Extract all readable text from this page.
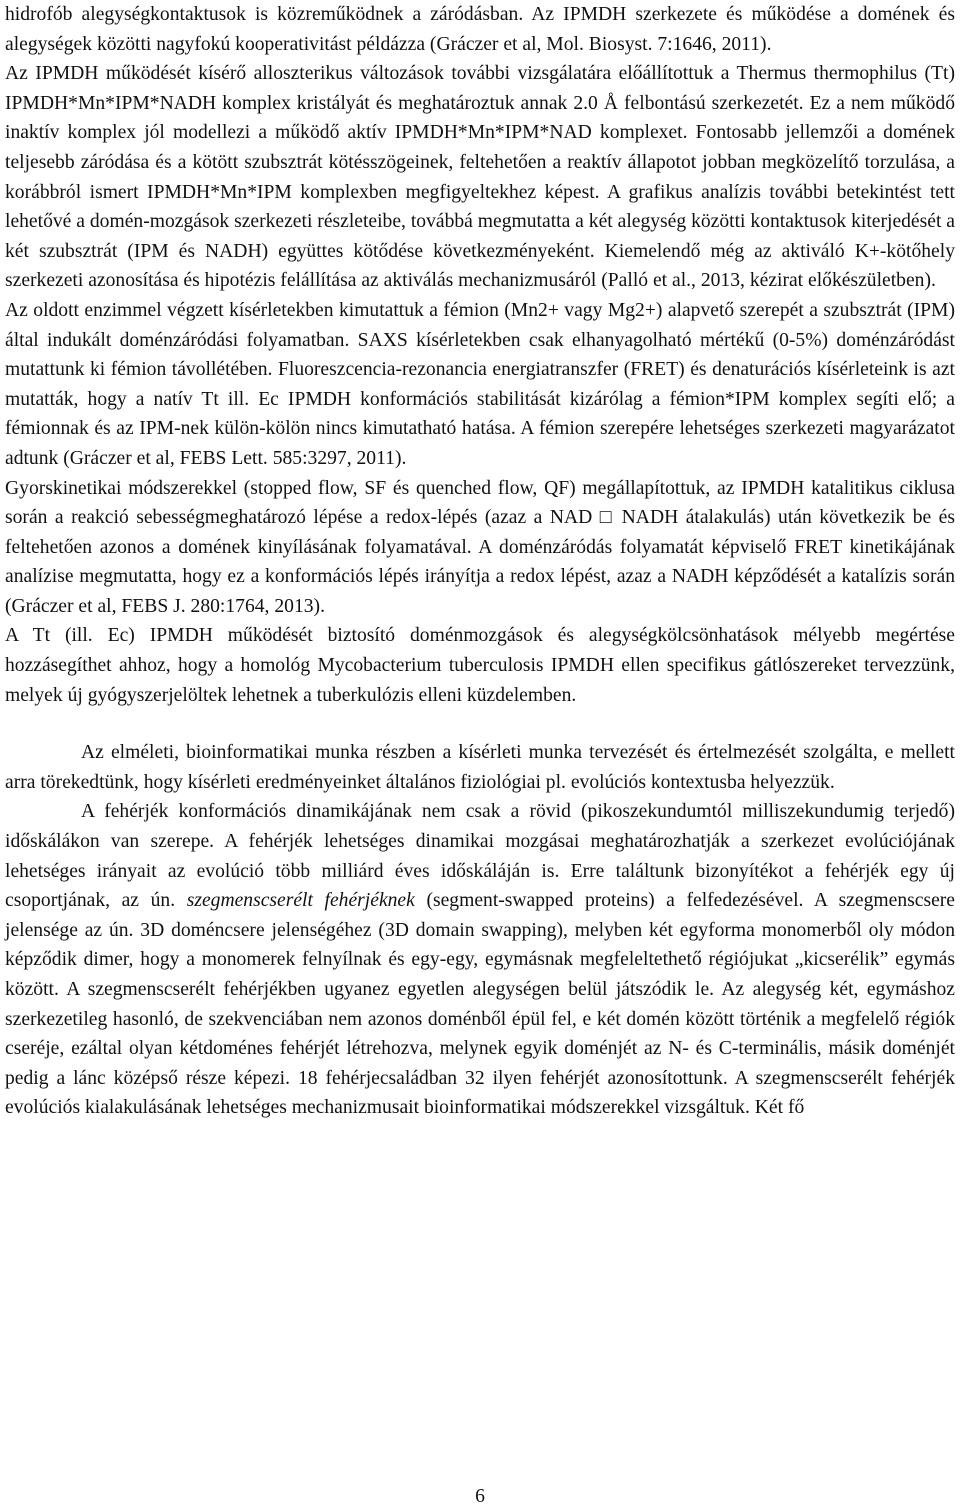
hidrofób alegységkontaktusok is közreműködnek a záródásban. Az IPMDH szerkezete és működése a domének és alegységek közötti nagyfokú kooperativitást példázza (Gráczer et al, Mol. Biosyst. 7:1646, 2011).

Az IPMDH működését kísérő alloszterikus változások további vizsgálatára előállítottuk a Thermus thermophilus (Tt) IPMDH*Mn*IPM*NADH komplex kristályát és meghatároztuk annak 2.0 Å felbontású szerkezetét. Ez a nem működő inaktív komplex jól modellezi a működő aktív IPMDH*Mn*IPM*NAD komplexet. Fontosabb jellemzői a domének teljesebb záródása és a kötött szubsztrát kötésszögeinek, feltehetően a reaktív állapotot jobban megközelítő torzulása, a korábbról ismert IPMDH*Mn*IPM komplexben megfigyeltekhez képest. A grafikus analízis további betekintést tett lehetővé a domén-mozgások szerkezeti részleteibe, továbbá megmutatta a két alegység közötti kontaktusok kiterjedését a két szubsztrát (IPM és NADH) együttes kötődése következményeként. Kiemelendő még az aktiváló K+-kötőhely szerkezeti azonosítása és hipotézis felállítása az aktiválás mechanizmusáról (Palló et al., 2013, kézirat előkészületben).

Az oldott enzimmel végzett kísérletekben kimutattuk a fémion (Mn2+ vagy Mg2+) alapvető szerepét a szubsztrát (IPM) által indukált doménzáródási folyamatban. SAXS kísérletekben csak elhanyagolható mértékű (0-5%) doménzáródást mutattunk ki fémion távollétében. Fluoreszcencia-rezonancia energiatranszfer (FRET) és denaturációs kísérleteink is azt mutatták, hogy a natív Tt ill. Ec IPMDH konformációs stabilitását kizárólag a fémion*IPM komplex segíti elő; a fémionnak és az IPM-nek külön-kölön nincs kimutatható hatása. A fémion szerepére lehetséges szerkezeti magyarázatot adtunk (Gráczer et al, FEBS Lett. 585:3297, 2011).

Gyorskinetikai módszerekkel (stopped flow, SF és quenched flow, QF) megállapítottuk, az IPMDH katalitikus ciklusa során a reakció sebességmeghatározó lépése a redox-lépés (azaz a NAD □ NADH átalakulás) után következik be és feltehetően azonos a domének kinyílásának folyamatával. A doménzáródás folyamatát képviselő FRET kinetikájának analízise megmutatta, hogy ez a konformációs lépés irányítja a redox lépést, azaz a NADH képződését a katalízis során (Gráczer et al, FEBS J. 280:1764, 2013).

A Tt (ill. Ec) IPMDH működését biztosító doménmozgások és alegységkölcsönhatások mélyebb megértése hozzásegíthet ahhoz, hogy a homológ Mycobacterium tuberculosis IPMDH ellen specifikus gátlószereket tervezzünk, melyek új gyógyszerjelöltek lehetnek a tuberkulózis elleni küzdelemben.

Az elméleti, bioinformatikai munka részben a kísérleti munka tervezését és értelmezését szolgálta, e mellett arra törekedtünk, hogy kísérleti eredményeinket általános fiziológiai pl. evolúciós kontextusba helyezzük.

A fehérjék konformációs dinamikájának nem csak a rövid (pikoszekundumtól milliszekundumig terjedő) időskálákon van szerepe. A fehérjék lehetséges dinamikai mozgásai meghatározhatják a szerkezet evolúciójának lehetséges irányait az evolúció több milliárd éves időskáláján is. Erre találtunk bizonyítékot a fehérjék egy új csoportjának, az ún. szegmenscserélt fehérjéknek (segment-swapped proteins) a felfedezésével. A szegmenscsere jelensége az ún. 3D doméncsere jelenségéhez (3D domain swapping), melyben két egyforma monomerből oly módon képződik dimer, hogy a monomerek felnyílnak és egy-egy, egymásnak megfeleltethető régiójukat „kicserélik” egymás között. A szegmenscserélt fehérjékben ugyanez egyetlen alegységen belül játszódik le. Az alegység két, egymáshoz szerkezetileg hasonló, de szekvenciában nem azonos doménből épül fel, e két domén között történik a megfelelő régiók cseréje, ezáltal olyan kétdoménes fehérjét létrehozva, melynek egyik doménjét az N- és C-terminális, másik doménjét pedig a lánc középső része képezi. 18 fehérjecsaládban 32 ilyen fehérjét azonosítottunk. A szegmenscserélt fehérjék evolúciós kialakulásának lehetséges mechanizmusait bioinformatikai módszerekkel vizsgáltuk. Két fő

6
